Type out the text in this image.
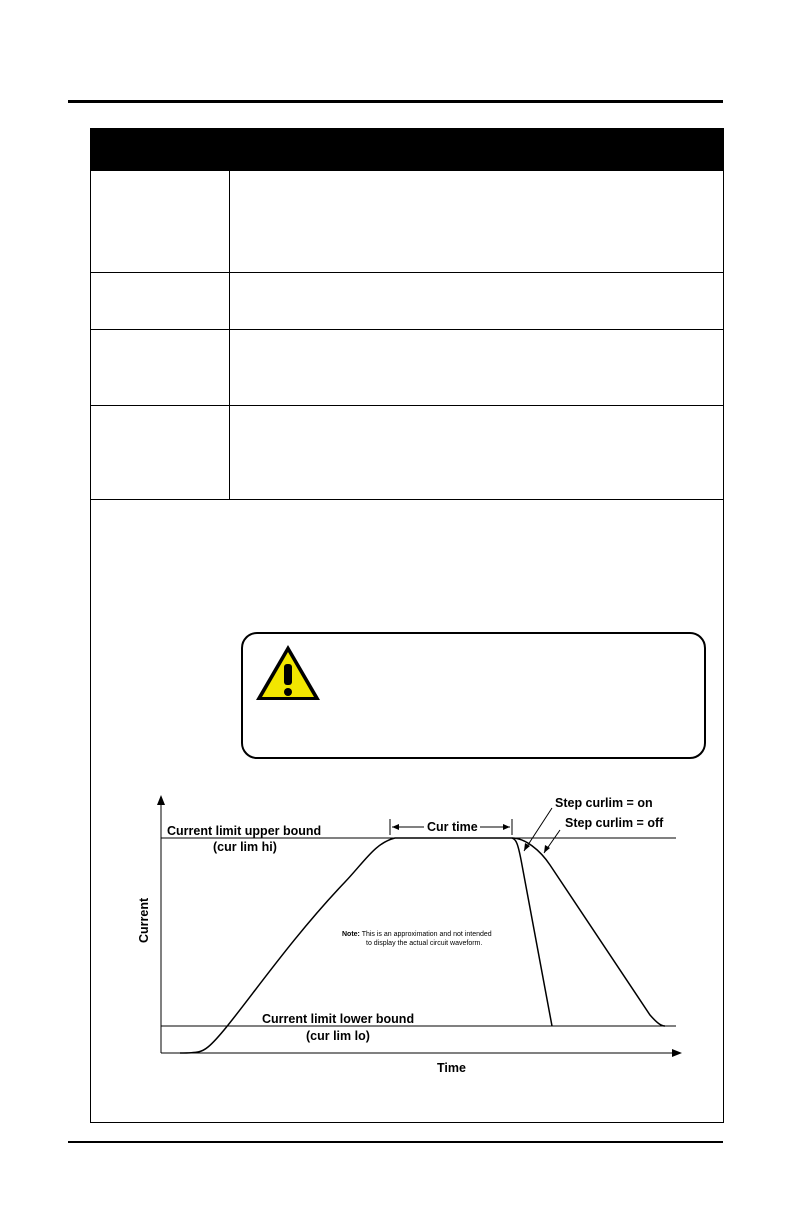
Current limit upper bound
(cur lim hi)
Current limit lower bound
(cur lim lo)
Cur time
Step curlim = on
Step curlim = off
Time
Current	Note: This is an approximation and not intended
to display the actual circuit waveform.
